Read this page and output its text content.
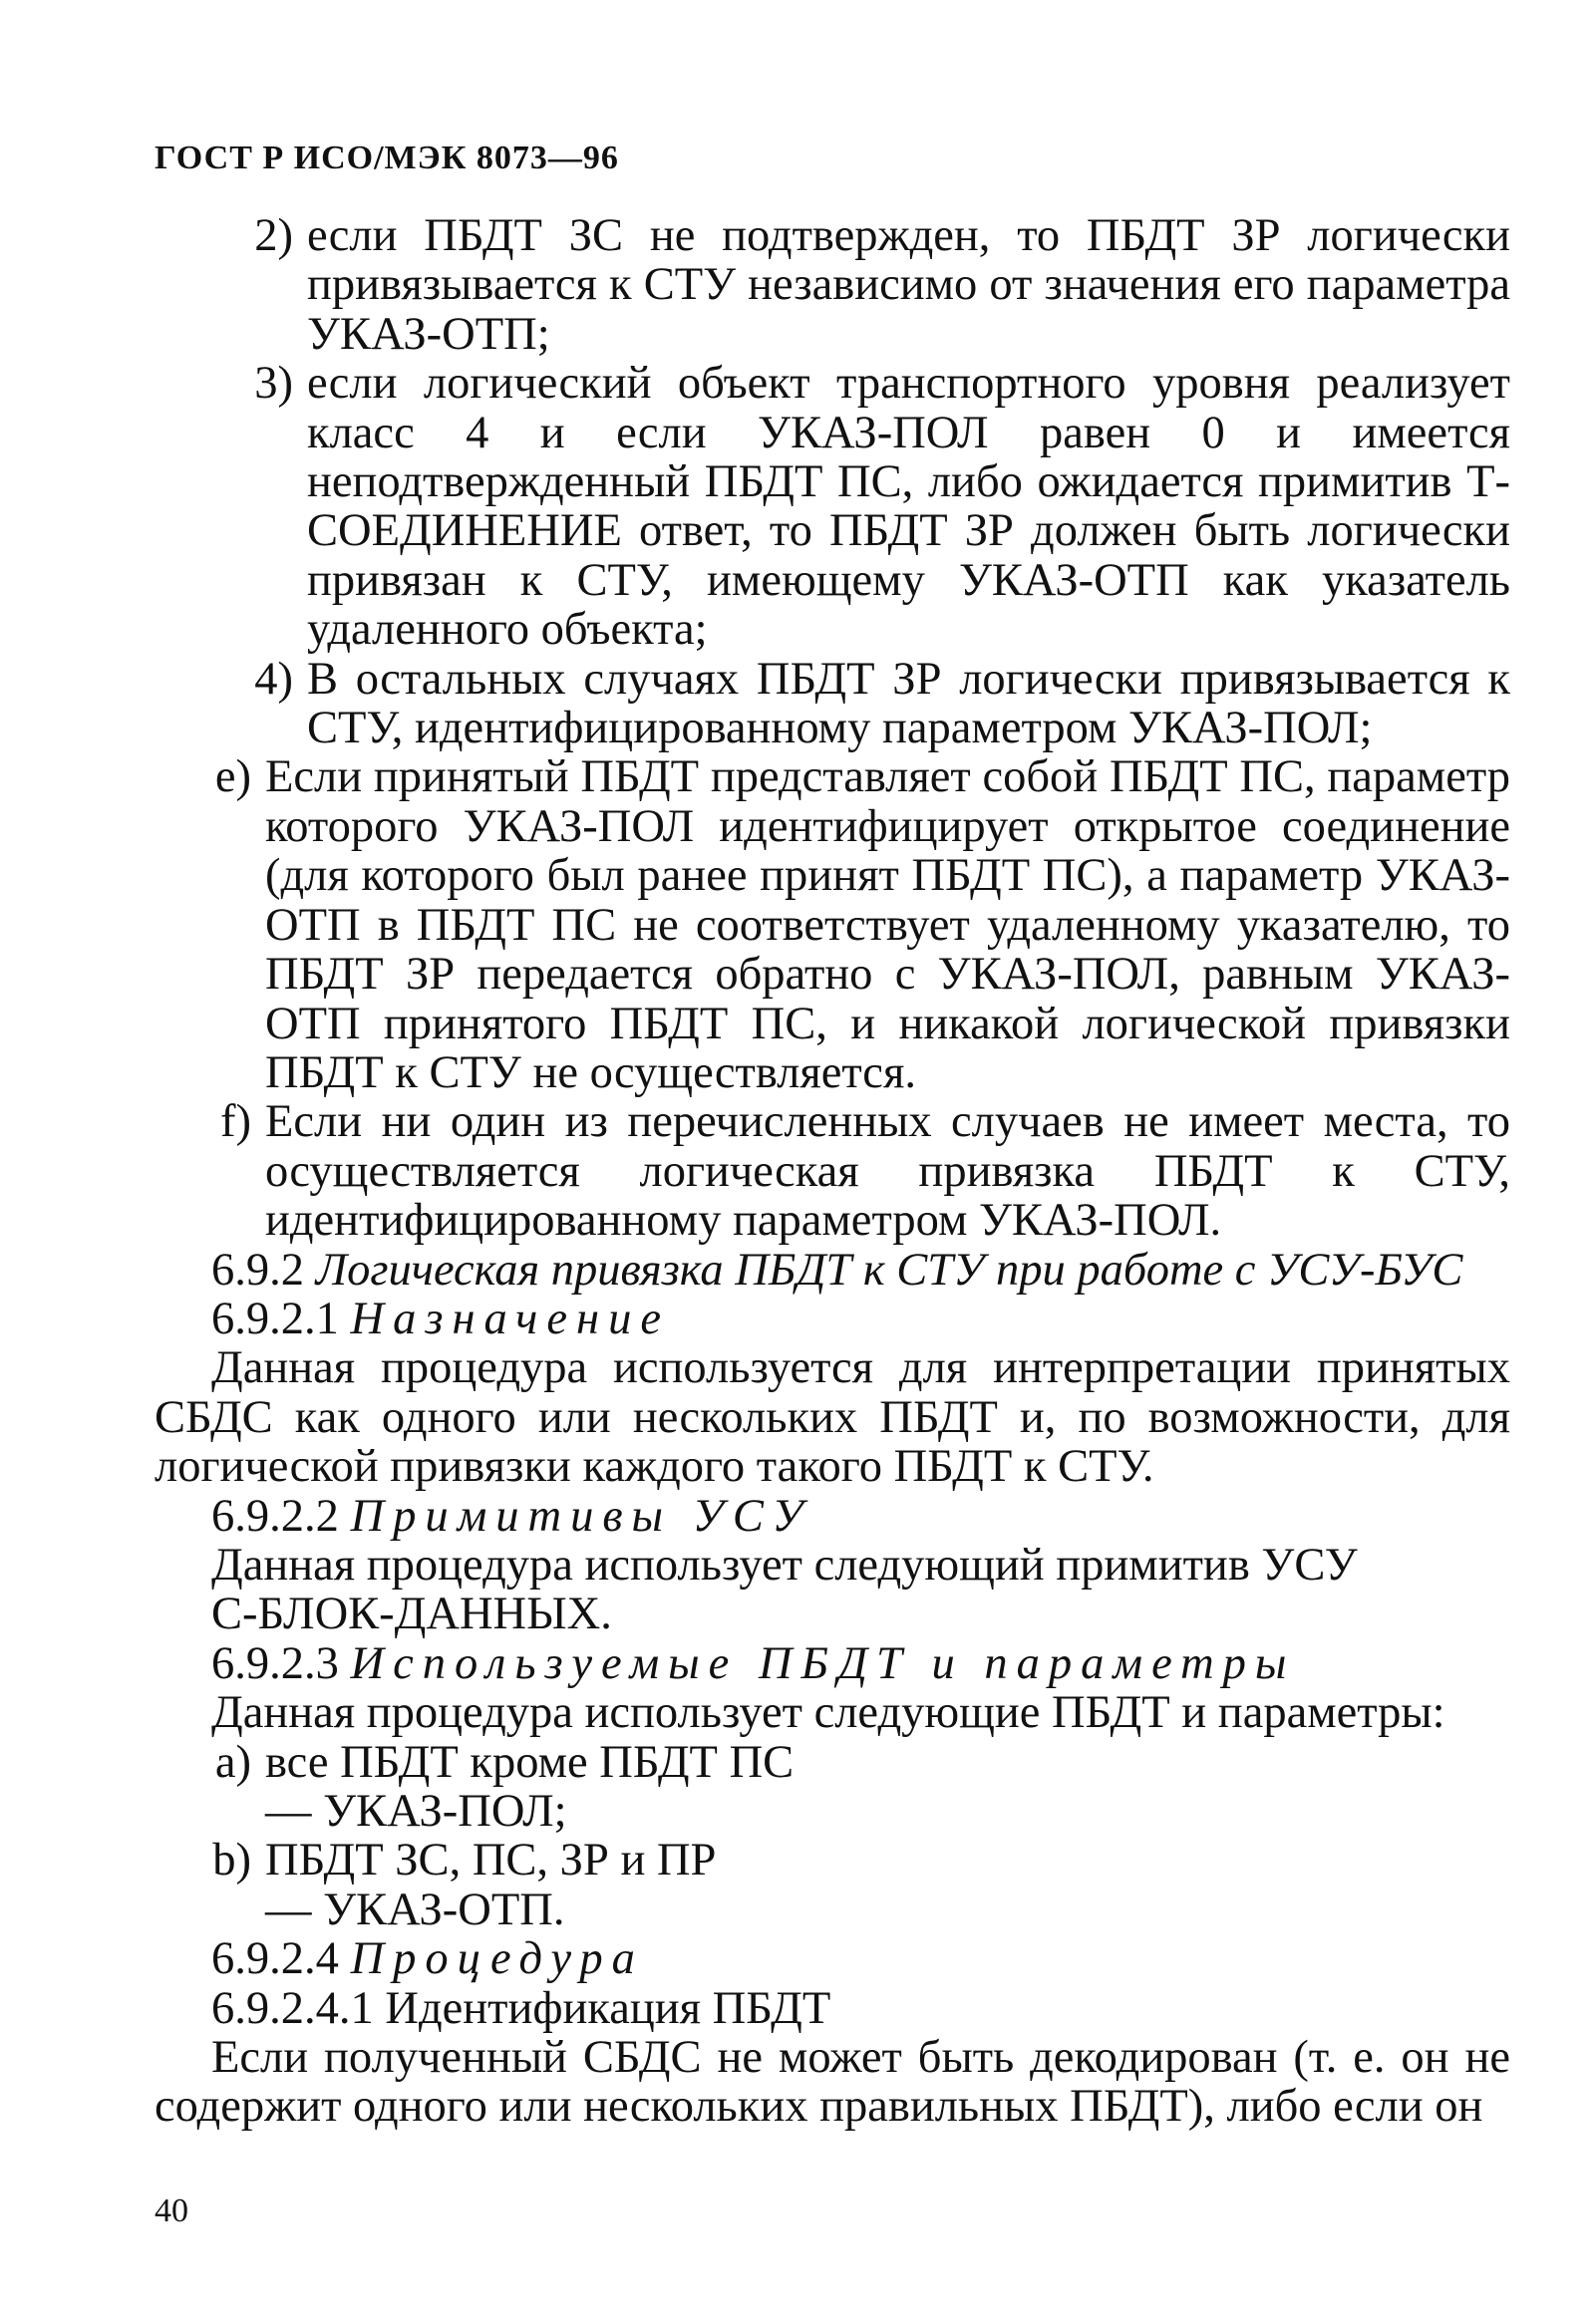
ГОСТ Р ИСО/МЭК 8073—96
2) если ПБДТ ЗС не подтвержден, то ПБДТ ЗР логически привязывается к СТУ независимо от значения его параметра УКАЗ-ОТП;
3) если логический объект транспортного уровня реализует класс 4 и если УКАЗ-ПОЛ равен 0 и имеется неподтвержденный ПБДТ ПС, либо ожидается примитив Т-СОЕДИНЕНИЕ ответ, то ПБДТ ЗР должен быть логически привязан к СТУ, имеющему УКАЗ-ОТП как указатель удаленного объекта;
4) В остальных случаях ПБДТ ЗР логически привязывается к СТУ, идентифицированному параметром УКАЗ-ПОЛ;
e) Если принятый ПБДТ представляет собой ПБДТ ПС, параметр которого УКАЗ-ПОЛ идентифицирует открытое соединение (для которого был ранее принят ПБДТ ПС), а параметр УКАЗ-ОТП в ПБДТ ПС не соответствует удаленному указателю, то ПБДТ ЗР передается обратно с УКАЗ-ПОЛ, равным УКАЗ-ОТП принятого ПБДТ ПС, и никакой логической привязки ПБДТ к СТУ не осуществляется.
f) Если ни один из перечисленных случаев не имеет места, то осуществляется логическая привязка ПБДТ к СТУ, идентифицированному параметром УКАЗ-ПОЛ.

6.9.2 Логическая привязка ПБДТ к СТУ при работе с УСУ-БУС

6.9.2.1 Назначение

Данная процедура используется для интерпретации принятых СБДС как одного или нескольких ПБДТ и, по возможности, для логической привязки каждого такого ПБДТ к СТУ.

6.9.2.2 Примитивы УСУ

Данная процедура использует следующий примитив УСУ

С-БЛОК-ДАННЫХ.

6.9.2.3 Используемые ПБДТ и параметры

Данная процедура использует следующие ПБДТ и параметры:

a) все ПБДТ кроме ПБДТ ПС

— УКАЗ-ПОЛ;

b) ПБДТ ЗС, ПС, ЗР и ПР

— УКАЗ-ОТП.

6.9.2.4 Процедура

6.9.2.4.1 Идентификация ПБДТ

Если полученный СБДС не может быть декодирован (т. е. он не содержит одного или нескольких правильных ПБДТ), либо если он

40
